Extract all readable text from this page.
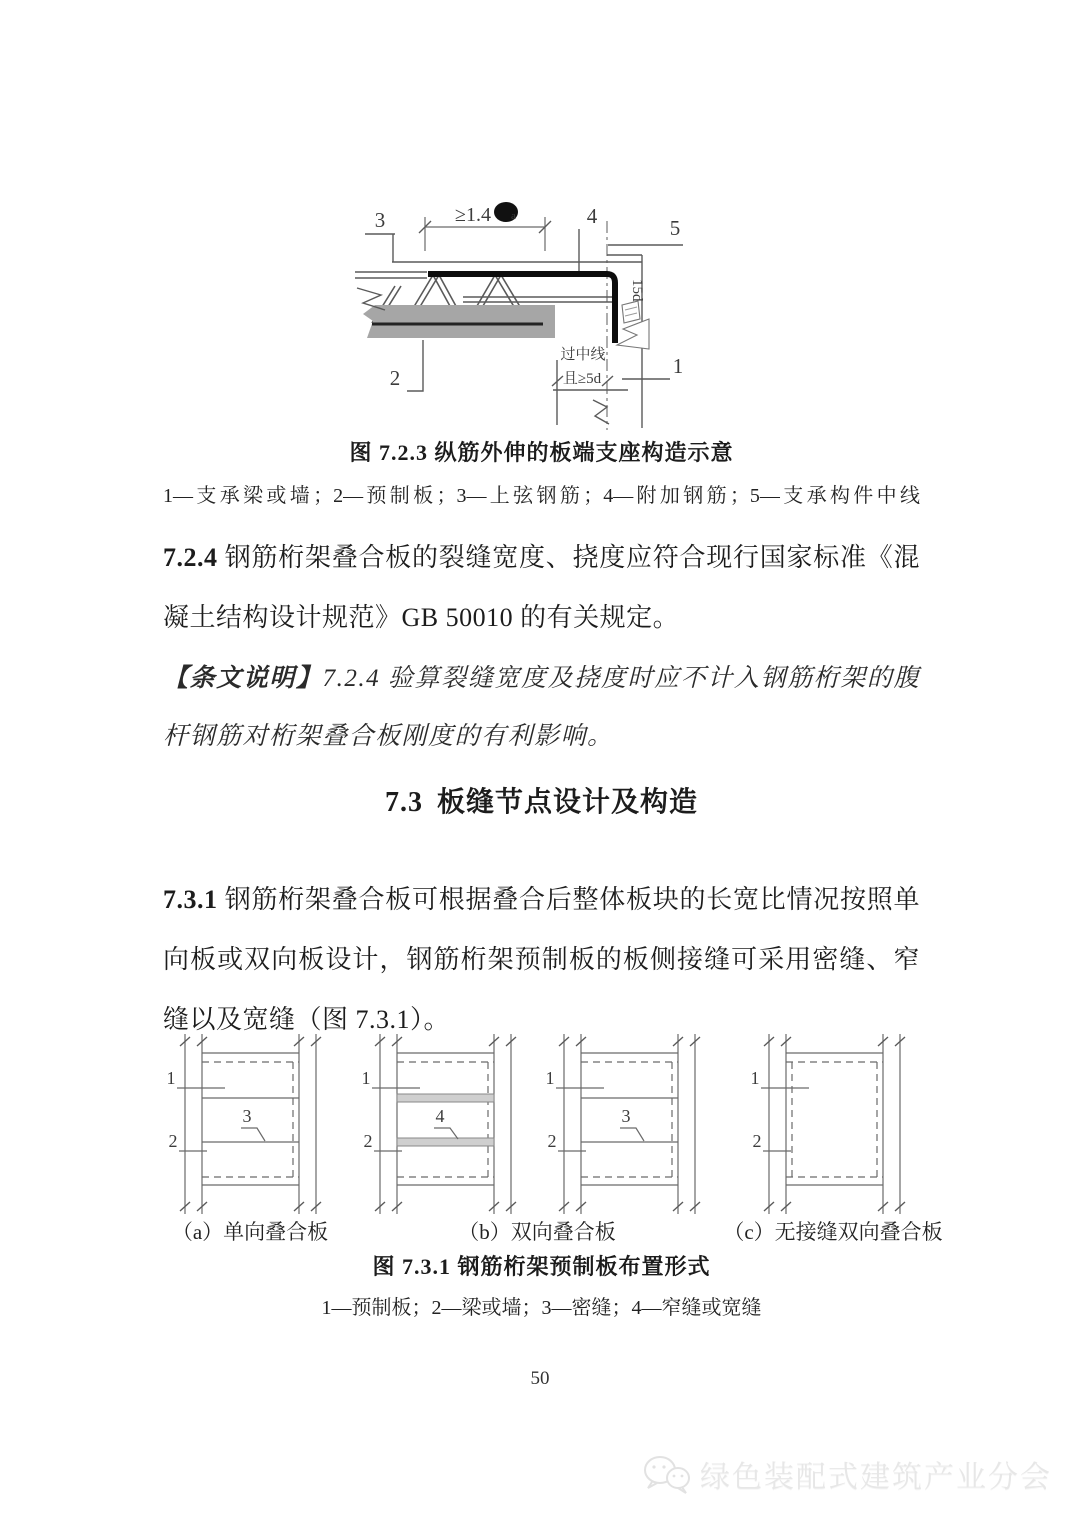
3	≥1.4 a	4	5
15d
2
过中线
且≥5d
1
图 7.2.3 纵筋外伸的板端支座构造示意
1—支承梁或墙；2—预制板；3—上弦钢筋；4—附加钢筋；5—支承构件中线
7.2.4 钢筋桁架叠合板的裂缝宽度、挠度应符合现行国家标准《混凝土结构设计规范》GB 50010 的有关规定。
【条文说明】7.2.4 验算裂缝宽度及挠度时应不计入钢筋桁架的腹杆钢筋对桁架叠合板刚度的有利影响。
7.3 板缝节点设计及构造
7.3.1 钢筋桁架叠合板可根据叠合后整体板块的长宽比情况按照单向板或双向板设计，钢筋桁架预制板的板侧接缝可采用密缝、窄缝以及宽缝（图 7.3.1）。
1
2
3
1
2
4
1
2
3
1
2
（a）单向叠合板	（b）双向叠合板	（c）无接缝双向叠合板
图 7.3.1 钢筋桁架预制板布置形式
1—预制板；2—梁或墙；3—密缝；4—窄缝或宽缝
50
绿色装配式建筑产业分会
